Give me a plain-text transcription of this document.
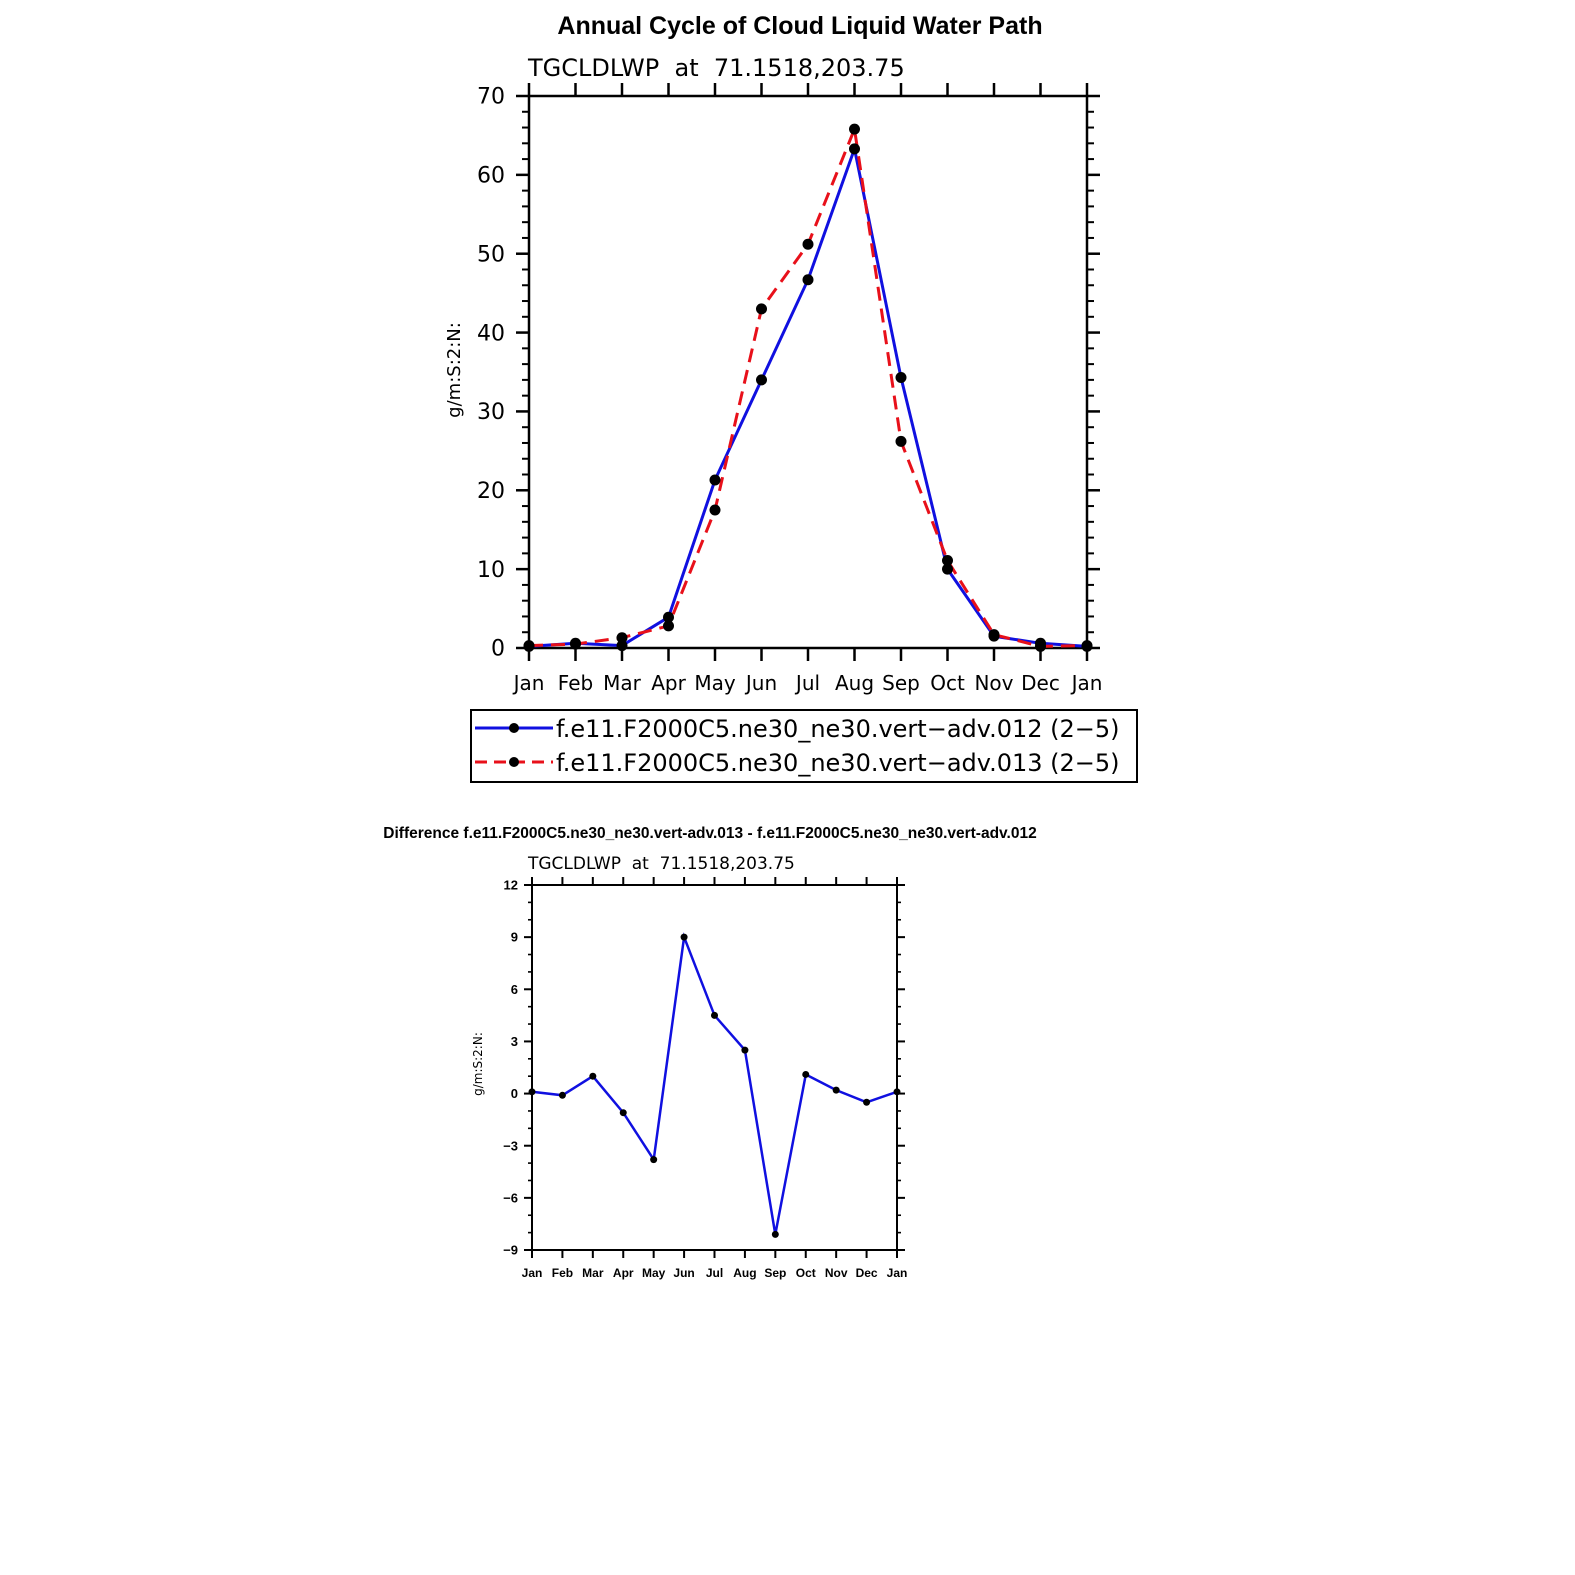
Annual Cycle of Cloud Liquid Water Path
TGCLDLWP  at  71.1518,203.75
g/m:S:2:N:
Jan Feb Mar Apr May Jun Jul Aug Sep Oct Nov Dec Jan
0
10
20
30
40
50
60
70
f.e11.F2000C5.ne30_ne30.vert−adv.012 (2−5)
f.e11.F2000C5.ne30_ne30.vert−adv.013 (2−5)
Difference f.e11.F2000C5.ne30_ne30.vert-adv.013 - f.e11.F2000C5.ne30_ne30.vert-adv.012
TGCLDLWP  at  71.1518,203.75
g/m:S:2:N:
Jan Feb Mar Apr May Jun Jul Aug Sep Oct Nov Dec Jan
−9
−6
−3
0
3
6
9
12
